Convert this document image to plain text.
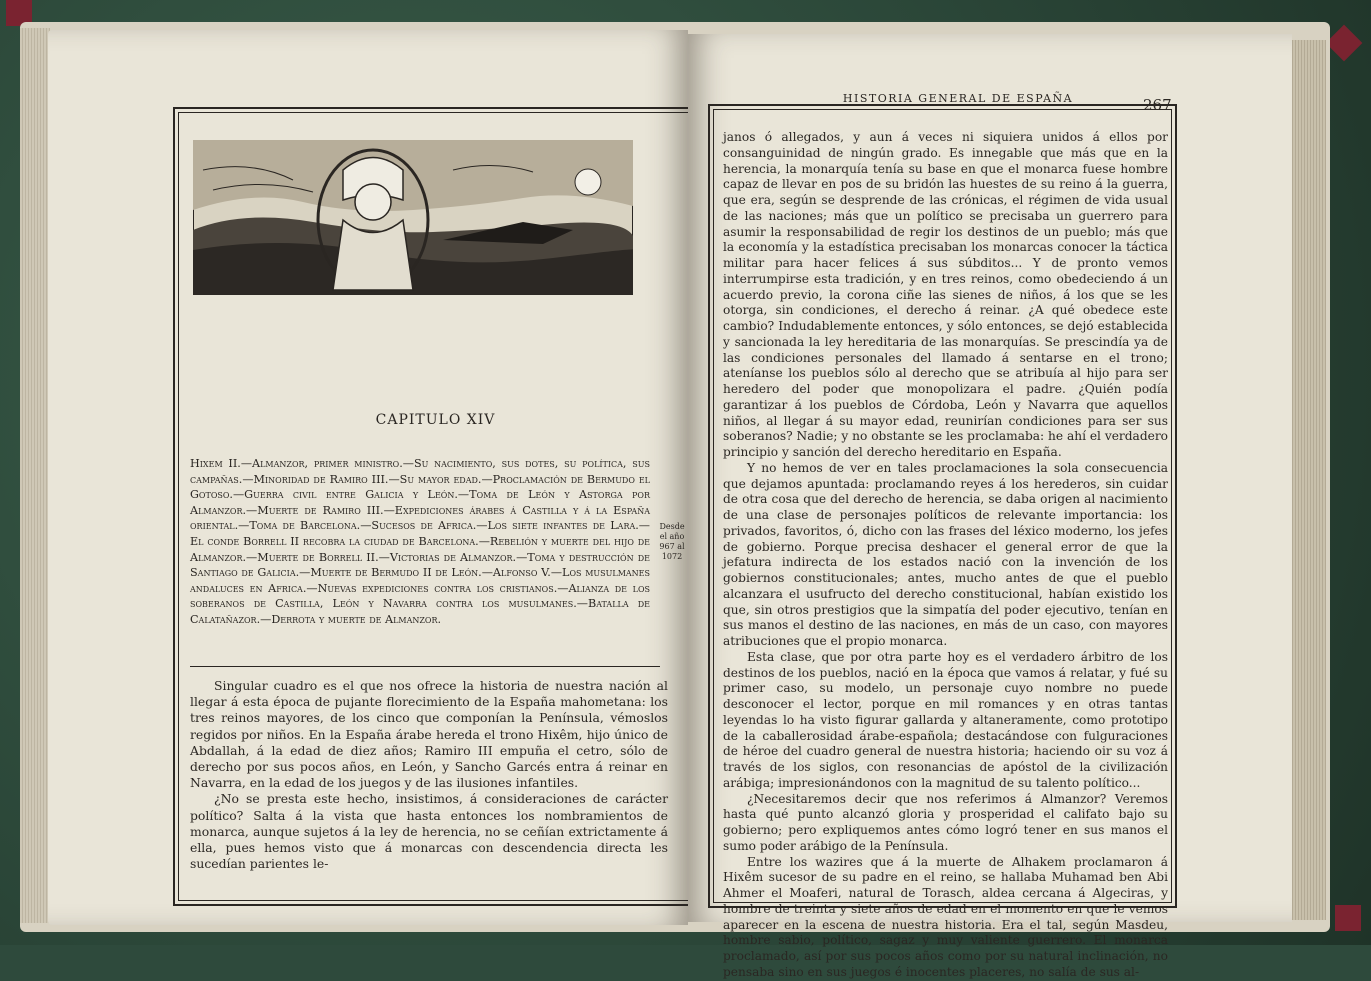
CAPITULO XIV
Hixem II.—Almanzor, primer ministro.—Su nacimiento, sus dotes, su política, sus campañas.—Minoridad de Ramiro III.—Su mayor edad.—Proclamación de Bermudo el Gotoso.—Guerra civil entre Galicia y León.—Toma de León y Astorga por Almanzor.—Muerte de Ramiro III.—Expediciones árabes á Castilla y á la España oriental.—Toma de Barcelona.—Sucesos de Africa.—Los siete infantes de Lara.—El conde Borrell II recobra la ciudad de Barcelona.—Rebelión y muerte del hijo de Almanzor.—Muerte de Borrell II.—Victorias de Almanzor.—Toma y destrucción de Santiago de Galicia.—Muerte de Bermudo II de León.—Alfonso V.—Los musulmanes andaluces en Africa.—Nuevas expediciones contra los cristianos.—Alianza de los soberanos de Castilla, León y Navarra contra los musulmanes.—Batalla de Calatañazor.—Derrota y muerte de Almanzor.
Desde el año 967 al 1072

Singular cuadro es el que nos ofrece la historia de nuestra nación al llegar á esta época de pujante florecimiento de la España mahometana: los tres reinos mayores, de los cinco que componían la Península, vémoslos regidos por niños. En la España árabe hereda el trono Hixêm, hijo único de Abdallah, á la edad de diez años; Ramiro III empuña el cetro, sólo de derecho por sus pocos años, en León, y Sancho Garcés entra á reinar en Navarra, en la edad de los juegos y de las ilusiones infantiles.

¿No se presta este hecho, insistimos, á consideraciones de carácter político? Salta á la vista que hasta entonces los nombramientos de monarca, aunque sujetos á la ley de herencia, no se ceñían extrictamente á ella, pues hemos visto que á monarcas con descendencia directa les sucedían parientes le-

HISTORIA GENERAL DE ESPAÑA	267

janos ó allegados, y aun á veces ni siquiera unidos á ellos por consanguinidad de ningún grado. Es innegable que más que en la herencia, la monarquía tenía su base en que el monarca fuese hombre capaz de llevar en pos de su bridón las huestes de su reino á la guerra, que era, según se desprende de las crónicas, el régimen de vida usual de las naciones; más que un político se precisaba un guerrero para asumir la responsabilidad de regir los destinos de un pueblo; más que la economía y la estadística precisaban los monarcas conocer la táctica militar para hacer felices á sus súbditos... Y de pronto vemos interrumpirse esta tradición, y en tres reinos, como obedeciendo á un acuerdo previo, la corona ciñe las sienes de niños, á los que se les otorga, sin condiciones, el derecho á reinar. ¿A qué obedece este cambio? Indudablemente entonces, y sólo entonces, se dejó establecida y sancionada la ley hereditaria de las monarquías. Se prescindía ya de las condiciones personales del llamado á sentarse en el trono; ateníanse los pueblos sólo al derecho que se atribuía al hijo para ser heredero del poder que monopolizara el padre. ¿Quién podía garantizar á los pueblos de Córdoba, León y Navarra que aquellos niños, al llegar á su mayor edad, reunirían condiciones para ser sus soberanos? Nadie; y no obstante se les proclamaba: he ahí el verdadero principio y sanción del derecho hereditario en España.

Y no hemos de ver en tales proclamaciones la sola consecuencia que dejamos apuntada: proclamando reyes á los herederos, sin cuidar de otra cosa que del derecho de herencia, se daba origen al nacimiento de una clase de personajes políticos de relevante importancia: los privados, favoritos, ó, dicho con las frases del léxico moderno, los jefes de gobierno. Porque precisa deshacer el general error de que la jefatura indirecta de los estados nació con la invención de los gobiernos constitucionales; antes, mucho antes de que el pueblo alcanzara el usufructo del derecho constitucional, habían existido los que, sin otros prestigios que la simpatía del poder ejecutivo, tenían en sus manos el destino de las naciones, en más de un caso, con mayores atribuciones que el propio monarca.

Esta clase, que por otra parte hoy es el verdadero árbitro de los destinos de los pueblos, nació en la época que vamos á relatar, y fué su primer caso, su modelo, un personaje cuyo nombre no puede desconocer el lector, porque en mil romances y en otras tantas leyendas lo ha visto figurar gallarda y altaneramente, como prototipo de la caballerosidad árabe-española; destacándose con fulguraciones de héroe del cuadro general de nuestra historia; haciendo oir su voz á través de los siglos, con resonancias de apóstol de la civilización arábiga; impresionándonos con la magnitud de su talento político...

¿Necesitaremos decir que nos referimos á Almanzor? Veremos hasta qué punto alcanzó gloria y prosperidad el califato bajo su gobierno; pero expliquemos antes cómo logró tener en sus manos el sumo poder arábigo de la Península.

Entre los wazires que á la muerte de Alhakem proclamaron á Hixêm sucesor de su padre en el reino, se hallaba Muhamad ben Abi Ahmer el Moaferi, natural de Torasch, aldea cercana á Algeciras, y hombre de treinta y siete años de edad en el momento en que le vemos aparecer en la escena de nuestra historia. Era el tal, según Masdeu, hombre sabio, político, sagaz y muy valiente guerrero. El monarca proclamado, así por sus pocos años como por su natural inclinación, no pensaba sino en sus juegos é inocentes placeres, no salía de sus al-
